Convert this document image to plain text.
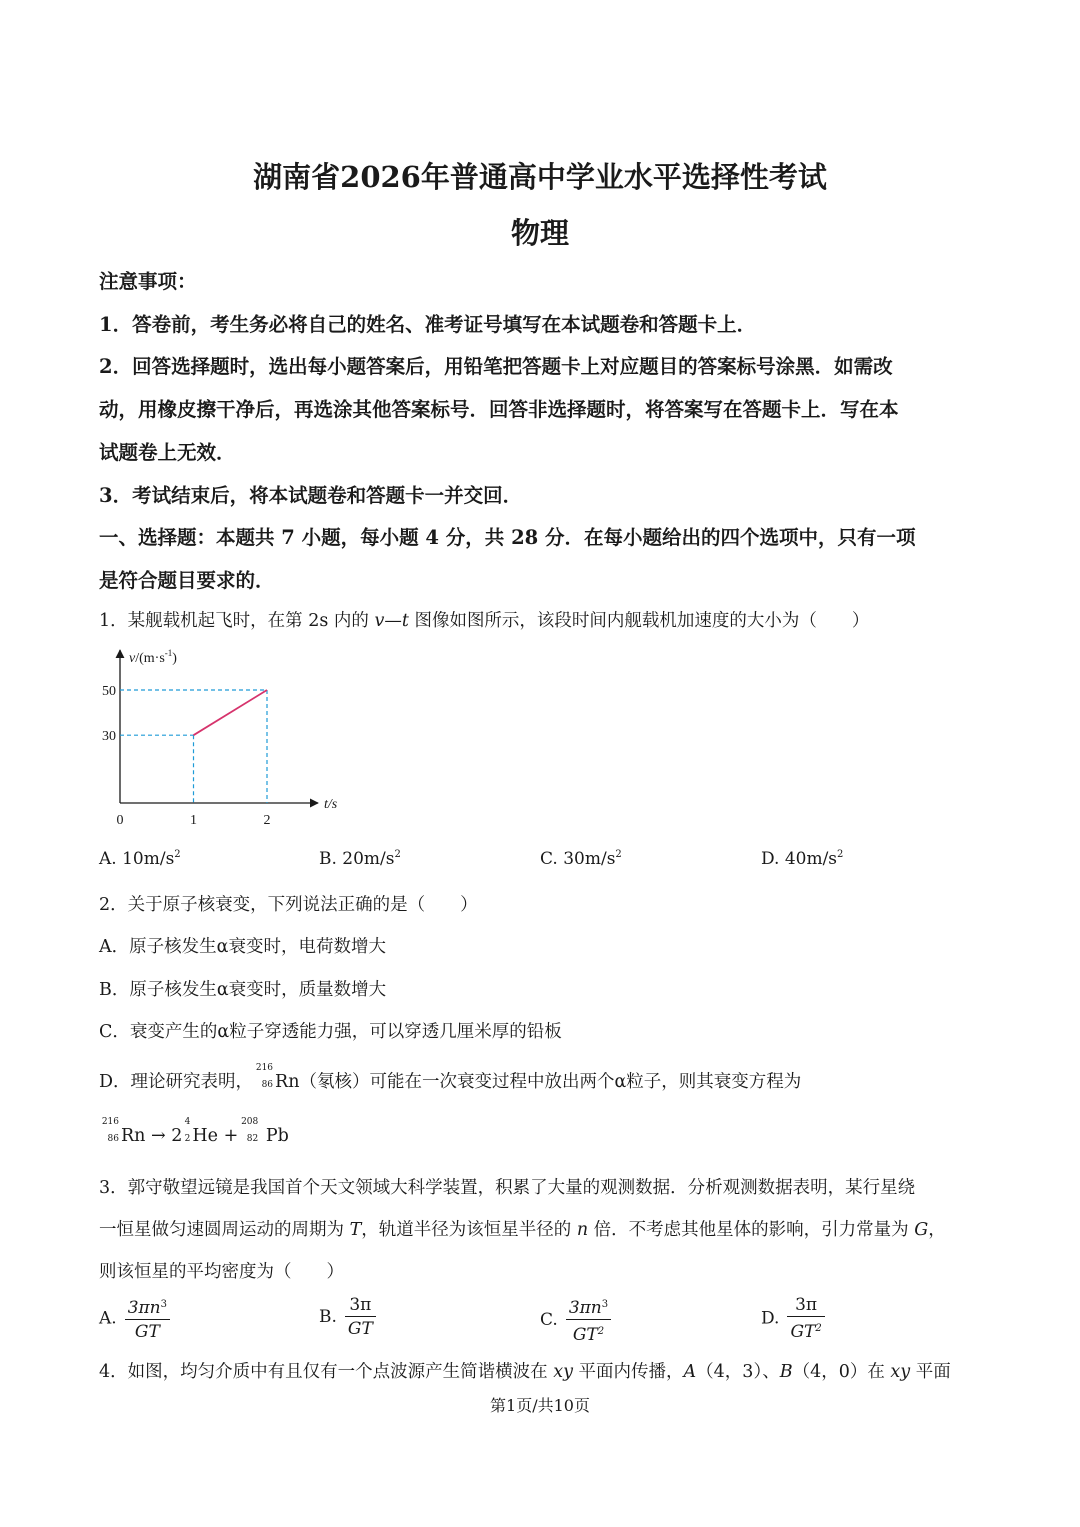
湖南省2026年普通高中学业水平选择性考试
物理
注意事项：
1．答卷前，考生务必将自己的姓名、准考证号填写在本试题卷和答题卡上．
2．回答选择题时，选出每小题答案后，用铅笔把答题卡上对应题目的答案标号涂黑．如需改
动，用橡皮擦干净后，再选涂其他答案标号．回答非选择题时，将答案写在答题卡上．写在本
试题卷上无效．
3．考试结束后，将本试题卷和答题卡一并交回．
一、选择题：本题共 7 小题，每小题 4 分，共 28 分．在每小题给出的四个选项中，只有一项
是符合题目要求的．
1．某舰载机起飞时，在第 2s 内的 v—t 图像如图所示，该段时间内舰载机加速度的大小为（　　）
0	1	2
30
50
$v/(m\cdot s^{-1})$
t/s
A. $10m/s^2$	B. $20m/s^2$	C. $30m/s^2$	D. $40m/s^2$
2．关于原子核衰变，下列说法正确的是（　　）
A．原子核发生α衰变时，电荷数增大
B．原子核发生α衰变时，质量数增大
C．衰变产生的α粒子穿透能力强，可以穿透几厘米厚的铅板
D．理论研究表明，
216
86 Rn（氡核）可能在一次衰变过程中放出两个α粒子，则其衰变方程为
216
86 Rn → 2
4
2 He +
208
82 Pb
3．郭守敬望远镜是我国首个天文领域大科学装置，积累了大量的观测数据．分析观测数据表明，某行星绕
一恒星做匀速圆周运动的周期为 T，轨道半径为该恒星半径的 n 倍．不考虑其他星体的影响，引力常量为 G，
则该恒星的平均密度为（　　）
A. $\frac{3\pi n^3}{GT}$	B. $\frac{3\pi}{GT}$	C. $\frac{3\pi n^3}{GT^2}$	D. $\frac{3\pi}{GT^2}$
4．如图，均匀介质中有且仅有一个点波源产生简谐横波在 xy 平面内传播，A（4，3）、B（4，0）在 xy 平面
第1页/共10页
